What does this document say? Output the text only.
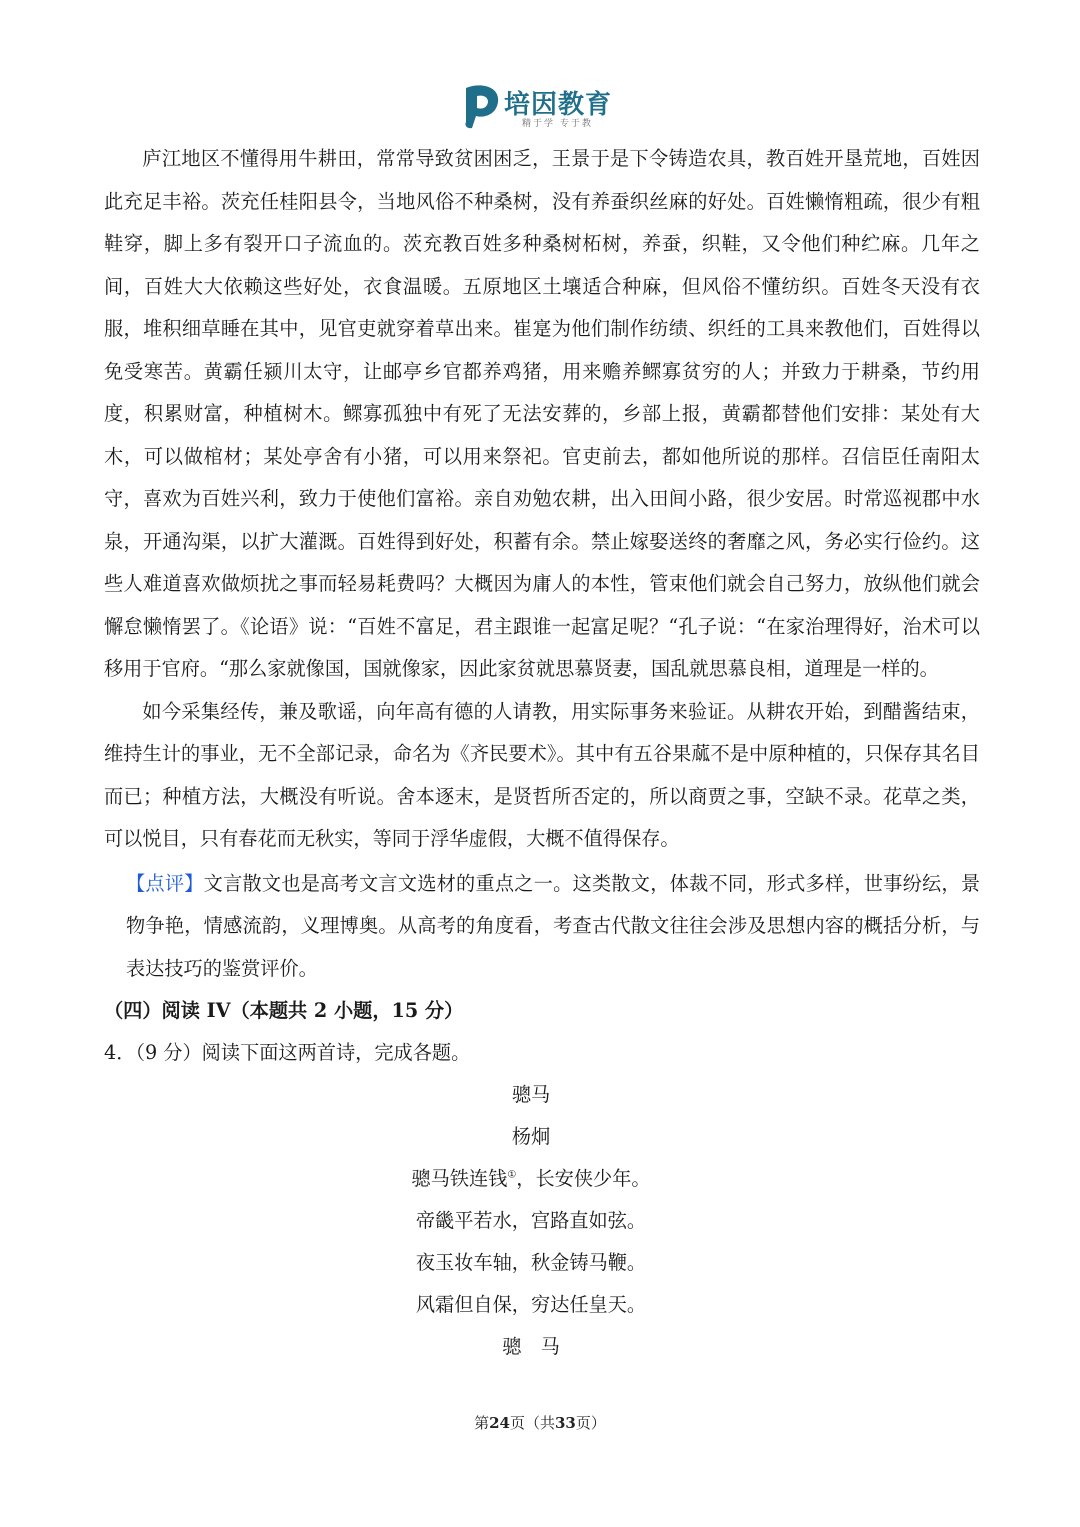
培因教育
精于学 专于教

庐江地区不懂得用牛耕田，常常导致贫困困乏，王景于是下令铸造农具，教百姓开垦荒地，百姓因此充足丰裕。茨充任桂阳县令，当地风俗不种桑树，没有养蚕织丝麻的好处。百姓懒惰粗疏，很少有粗鞋穿，脚上多有裂开口子流血的。茨充教百姓多种桑树柘树，养蚕，织鞋，又令他们种纻麻。几年之间，百姓大大依赖这些好处，衣食温暖。五原地区土壤适合种麻，但风俗不懂纺织。百姓冬天没有衣服，堆积细草睡在其中，见官吏就穿着草出来。崔寔为他们制作纺绩、织纴的工具来教他们，百姓得以免受寒苦。黄霸任颍川太守，让邮亭乡官都养鸡猪，用来赡养鳏寡贫穷的人；并致力于耕桑，节约用度，积累财富，种植树木。鳏寡孤独中有死了无法安葬的，乡部上报，黄霸都替他们安排：某处有大木，可以做棺材；某处亭舍有小猪，可以用来祭祀。官吏前去，都如他所说的那样。召信臣任南阳太守，喜欢为百姓兴利，致力于使他们富裕。亲自劝勉农耕，出入田间小路，很少安居。时常巡视郡中水泉，开通沟渠，以扩大灌溉。百姓得到好处，积蓄有余。禁止嫁娶送终的奢靡之风，务必实行俭约。这些人难道喜欢做烦扰之事而轻易耗费吗？大概因为庸人的本性，管束他们就会自己努力，放纵他们就会懈怠懒惰罢了。《论语》说：“百姓不富足，君主跟谁一起富足呢？“孔子说：“在家治理得好，治术可以移用于官府。“那么家就像国，国就像家，因此家贫就思慕贤妻，国乱就思慕良相，道理是一样的。

如今采集经传，兼及歌谣，向年高有德的人请教，用实际事务来验证。从耕农开始，到醋酱结束，维持生计的事业，无不全部记录，命名为《齐民要术》。其中有五谷果蓏不是中原种植的，只保存其名目而已；种植方法，大概没有听说。舍本逐末，是贤哲所否定的，所以商贾之事，空缺不录。花草之类，可以悦目，只有春花而无秋实，等同于浮华虚假，大概不值得保存。

【点评】文言散文也是高考文言文选材的重点之一。这类散文，体裁不同，形式多样，世事纷纭，景物争艳，情感流韵，义理博奥。从高考的角度看，考查古代散文往往会涉及思想内容的概括分析，与表达技巧的鉴赏评价。

（四）阅读 IV（本题共 2 小题，15 分）

4．（9 分）阅读下面这两首诗，完成各题。

骢马

杨炯

骢马铁连钱①，长安侠少年。

帝畿平若水，宫路直如弦。

夜玉妆车轴，秋金铸马鞭。

风霜但自保，穷达任皇天。

骢　马

第24页（共33页）
